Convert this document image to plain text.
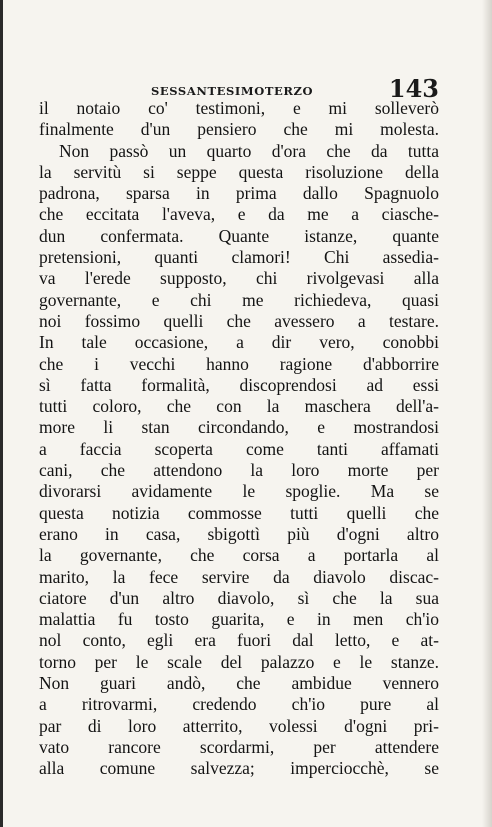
SESSANTESIMOTERZO	143
il notaio co' testimoni, e mi solleverò
finalmente d'un pensiero che mi molesta.
Non passò un quarto d'ora che da tutta
la servitù si seppe questa risoluzione della
padrona, sparsa in prima dallo Spagnuolo
che eccitata l'aveva, e da me a ciasche-
dun confermata. Quante istanze, quante
pretensioni, quanti clamori! Chi assedia-
va l'erede supposto, chi rivolgevasi alla
governante, e chi me richiedeva, quasi
noi fossimo quelli che avessero a testare.
In tale occasione, a dir vero, conobbi
che i vecchi hanno ragione d'abborrire
sì fatta formalità, discoprendosi ad essi
tutti coloro, che con la maschera dell'a-
more li stan circondando, e mostrandosi
a faccia scoperta come tanti affamati
cani, che attendono la loro morte per
divorarsi avidamente le spoglie. Ma se
questa notizia commosse tutti quelli che
erano in casa, sbigottì più d'ogni altro
la governante, che corsa a portarla al
marito, la fece servire da diavolo discac-
ciatore d'un altro diavolo, sì che la sua
malattia fu tosto guarita, e in men ch'io
nol conto, egli era fuori dal letto, e at-
torno per le scale del palazzo e le stanze.
Non guari andò, che ambidue vennero
a ritrovarmi, credendo ch'io pure al
par di loro atterrito, volessi d'ogni pri-
vato rancore scordarmi, per attendere
alla comune salvezza; imperciocchè, se
